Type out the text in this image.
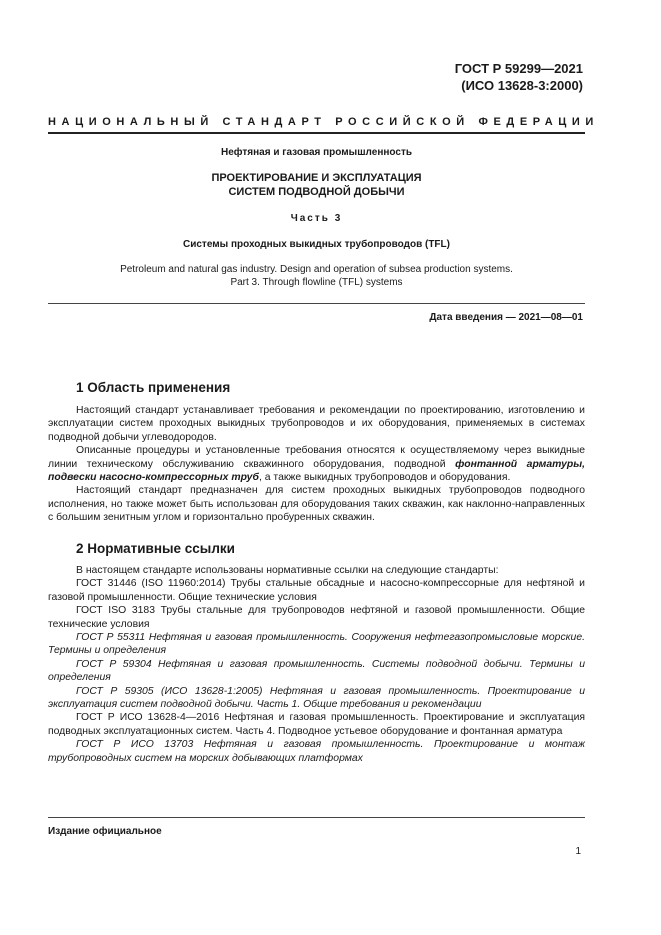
ГОСТ Р 59299—2021
(ИСО 13628-3:2000)
НАЦИОНАЛЬНЫЙ СТАНДАРТ РОССИЙСКОЙ ФЕДЕРАЦИИ
Нефтяная и газовая промышленность
ПРОЕКТИРОВАНИЕ И ЭКСПЛУАТАЦИЯ
СИСТЕМ ПОДВОДНОЙ ДОБЫЧИ
Часть 3
Системы проходных выкидных трубопроводов (TFL)
Petroleum and natural gas industry. Design and operation of subsea production systems.
Part 3. Through flowline (TFL) systems
Дата введения — 2021—08—01
1 Область применения

Настоящий стандарт устанавливает требования и рекомендации по проектированию, изготовлению и эксплуатации систем проходных выкидных трубопроводов и их оборудования, применяемых в системах подводной добычи углеводородов.

Описанные процедуры и установленные требования относятся к осуществляемому через выкидные линии техническому обслуживанию скважинного оборудования, подводной фонтанной арматуры, подвески насосно-компрессорных труб, а также выкидных трубопроводов и оборудования.

Настоящий стандарт предназначен для систем проходных выкидных трубопроводов подводного исполнения, но также может быть использован для оборудования таких скважин, как наклонно-направленных с большим зенитным углом и горизонтально пробуренных скважин.

2 Нормативные ссылки

В настоящем стандарте использованы нормативные ссылки на следующие стандарты:

ГОСТ 31446 (ISO 11960:2014) Трубы стальные обсадные и насосно-компрессорные для нефтяной и газовой промышленности. Общие технические условия

ГОСТ ISO 3183 Трубы стальные для трубопроводов нефтяной и газовой промышленности. Общие технические условия

ГОСТ Р 55311 Нефтяная и газовая промышленность. Сооружения нефтегазопромысловые морские. Термины и определения

ГОСТ Р 59304 Нефтяная и газовая промышленность. Системы подводной добычи. Термины и определения

ГОСТ Р 59305 (ИСО 13628-1:2005) Нефтяная и газовая промышленность. Проектирование и эксплуатация систем подводной добычи. Часть 1. Общие требования и рекомендации

ГОСТ Р ИСО 13628-4—2016 Нефтяная и газовая промышленность. Проектирование и эксплуатация подводных эксплуатационных систем. Часть 4. Подводное устьевое оборудование и фонтанная арматура

ГОСТ Р ИСО 13703 Нефтяная и газовая промышленность. Проектирование и монтаж трубопроводных систем на морских добывающих платформах

Издание официальное
1
